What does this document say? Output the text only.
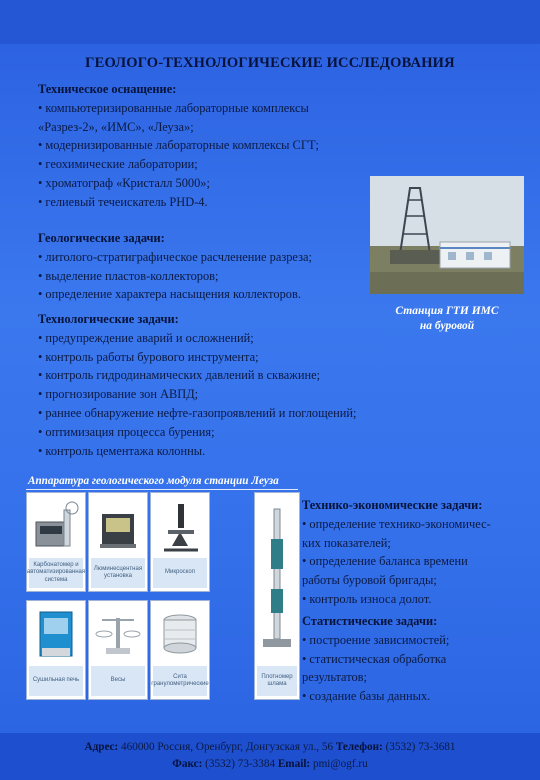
ГЕОЛОГО-ТЕХНОЛОГИЧЕСКИЕ ИССЛЕДОВАНИЯ
Техническое оснащение:
• компьютеризированные лабораторные комплексы
«Разрез-2», «ИМС», «Леуза»;
• модернизированные лабораторные комплексы СГТ;
• геохимические лаборатории;
• хроматограф «Кристалл 5000»;
• гелиевый течеискатель PHD-4.
Станция ГТИ ИМС
на буровой
Геологические задачи:
• литолого-стратиграфическое расчленение разреза;
• выделение пластов-коллекторов;
• определение характера насыщения коллекторов.
Технологические задачи:
• предупреждение аварий и осложнений;
• контроль работы бурового инструмента;
• контроль гидродинамических давлений в скважине;
• прогнозирование зон АВПД;
• раннее обнаружение нефте-газопроявлений и поглощений;
• оптимизация процесса бурения;
• контроль цементажа колонны.
Аппаратура геологического модуля станции Леуза
Карбонатомер и автоматизированная система
Люминесцентная установка
Микроскоп
Сушильная печь	Весы
Сита гранулометрические
Плотномер шлама
Технико-экономические задачи:
• определение технико-экономичес-
ких показателей;
• определение баланса времени
работы буровой бригады;
• контроль износа долот.
Статистические задачи:
• построение зависимостей;
• статистическая обработка
результатов;
• создание базы данных.
Адрес: 460000 Россия, Оренбург, Донгузская ул., 56 Телефон: (3532) 73-3681
Факс: (3532) 73-3384 Email: pmi@ogf.ru
